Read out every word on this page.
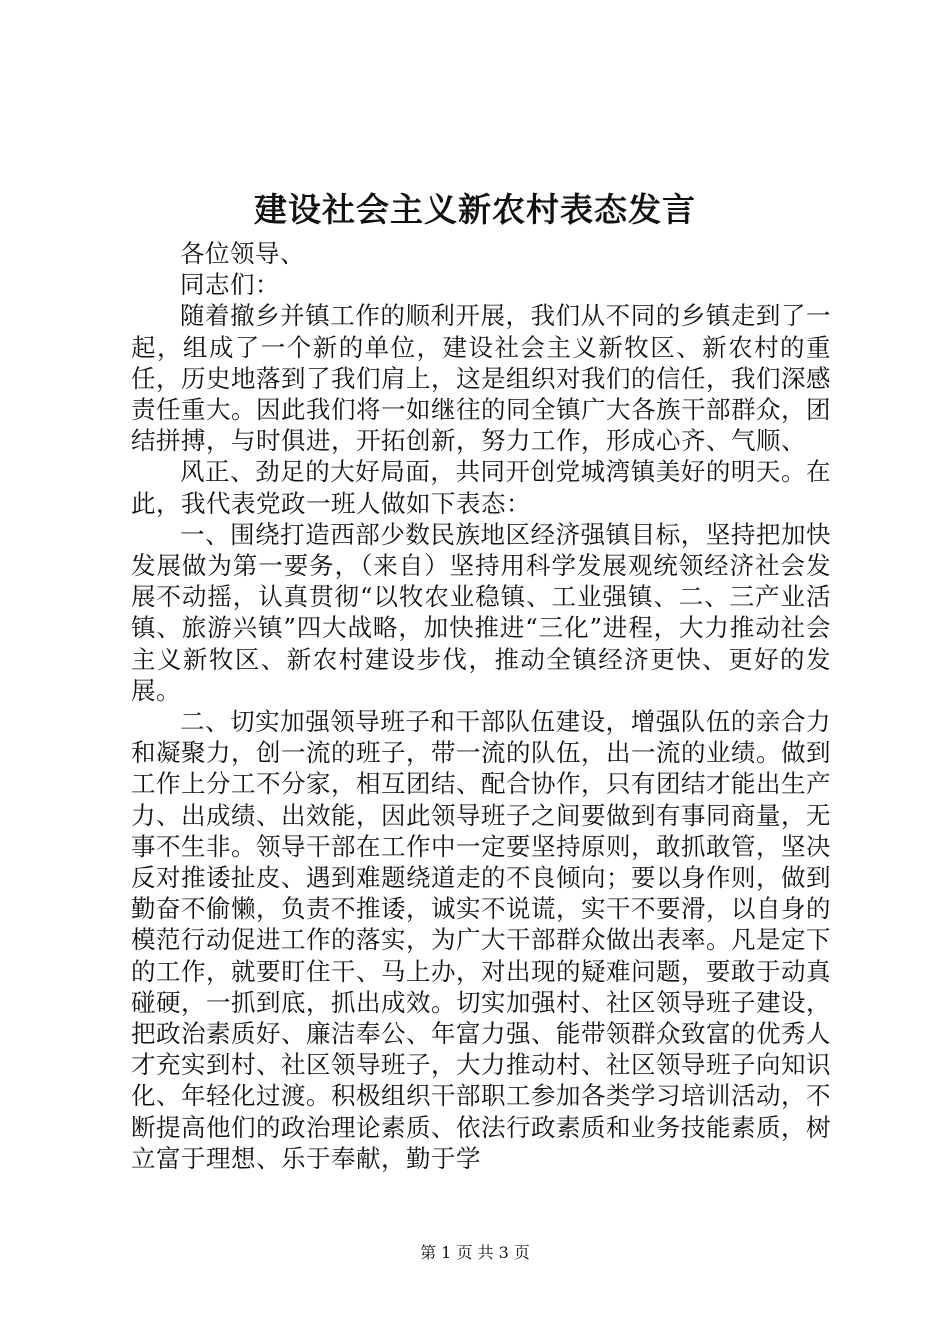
建设社会主义新农村表态发言

各位领导、

同志们：

随着撤乡并镇工作的顺利开展，我们从不同的乡镇走到了一起，组成了一个新的单位，建设社会主义新牧区、新农村的重任，历史地落到了我们肩上，这是组织对我们的信任，我们深感责任重大。因此我们将一如继往的同全镇广大各族干部群众，团结拼搏，与时俱进，开拓创新，努力工作，形成心齐、气顺、

风正、劲足的大好局面，共同开创党城湾镇美好的明天。在此，我代表党政一班人做如下表态：

一、围绕打造西部少数民族地区经济强镇目标，坚持把加快发展做为第一要务，（来自）坚持用科学发展观统领经济社会发展不动摇，认真贯彻“以牧农业稳镇、工业强镇、二、三产业活镇、旅游兴镇”四大战略，加快推进“三化”进程，大力推动社会主义新牧区、新农村建设步伐，推动全镇经济更快、更好的发展。

二、切实加强领导班子和干部队伍建设，增强队伍的亲合力和凝聚力，创一流的班子，带一流的队伍，出一流的业绩。做到工作上分工不分家，相互团结、配合协作，只有团结才能出生产力、出成绩、出效能，因此领导班子之间要做到有事同商量，无事不生非。领导干部在工作中一定要坚持原则，敢抓敢管，坚决反对推诿扯皮、遇到难题绕道走的不良倾向；要以身作则，做到勤奋不偷懒，负责不推诿，诚实不说谎，实干不要滑，以自身的模范行动促进工作的落实，为广大干部群众做出表率。凡是定下的工作，就要盯住干、马上办，对出现的疑难问题，要敢于动真碰硬，一抓到底，抓出成效。切实加强村、社区领导班子建设，把政治素质好、廉洁奉公、年富力强、能带领群众致富的优秀人才充实到村、社区领导班子，大力推动村、社区领导班子向知识化、年轻化过渡。积极组织干部职工参加各类学习培训活动，不断提高他们的政治理论素质、依法行政素质和业务技能素质，树立富于理想、乐于奉献，勤于学

第 1 页 共 3 页
